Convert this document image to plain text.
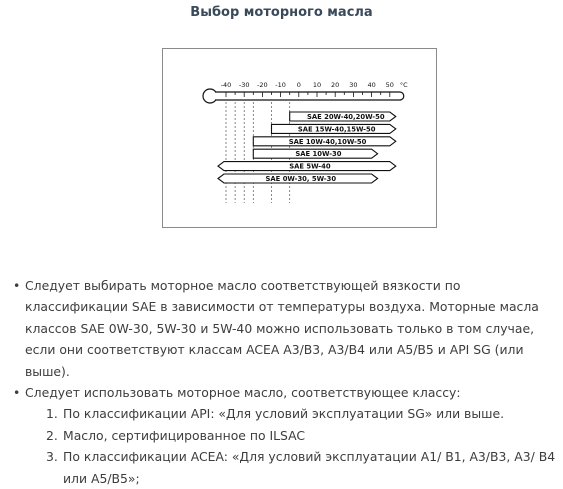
Выбор моторного масла
-40 -30 -20 -10 0 10 20 30 40 50 °C
SAE 20W-40,20W-50
SAE 15W-40,15W-50
SAE 10W-40,10W-50
SAE 10W-30
SAE 5W-40
SAE 0W-30, 5W-30
• Следует выбирать моторное масло соответствующей вязкости по классификации SAE в зависимости от температуры воздуха. Моторные масла классов SAE 0W-30, 5W-30 и 5W-40 можно использовать только в том случае, если они соответствуют классам ACEA A3/B3, A3/B4 или A5/B5 и API SG (или выше).
• Следует использовать моторное масло, соответствующее классу:
1. По классификации API: «Для условий эксплуатации SG» или выше.
2. Масло, сертифицированное по ILSAC
3. По классификации ACEA: «Для условий эксплуатации A1/ B1, A3/B3, A3/ B4 или A5/B5»;
